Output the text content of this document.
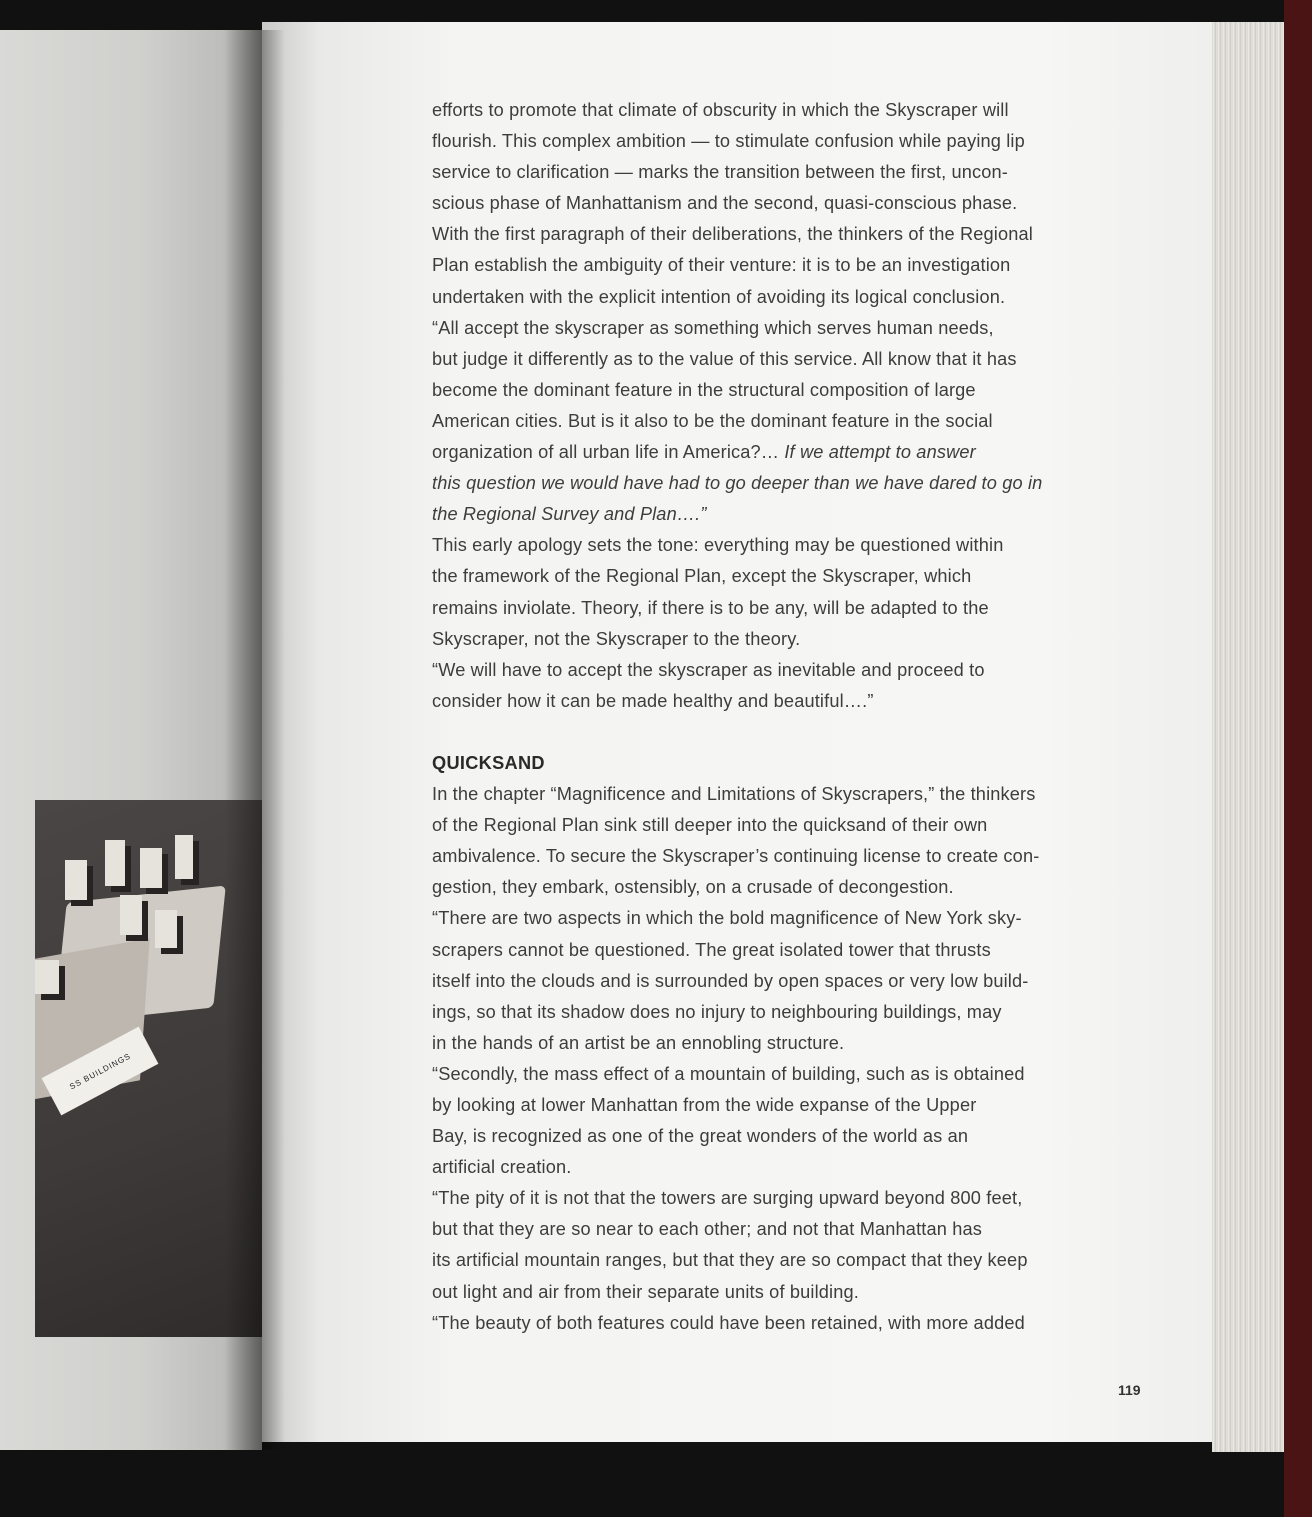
SS BUILDINGS
efforts to promote that climate of obscurity in which the Skyscraper will
flourish. This complex ambition — to stimulate confusion while paying lip
service to clarification — marks the transition between the first, uncon-
scious phase of Manhattanism and the second, quasi-conscious phase.
With the first paragraph of their deliberations, the thinkers of the Regional
Plan establish the ambiguity of their venture: it is to be an investigation
undertaken with the explicit intention of avoiding its logical conclusion.
“All accept the skyscraper as something which serves human needs,
but judge it differently as to the value of this service. All know that it has
become the dominant feature in the structural composition of large
American cities. But is it also to be the dominant feature in the social
organization of all urban life in America?… If we attempt to answer
this question we would have had to go deeper than we have dared to go in
the Regional Survey and Plan….”
This early apology sets the tone: everything may be questioned within
the framework of the Regional Plan, except the Skyscraper, which
remains inviolate. Theory, if there is to be any, will be adapted to the
Skyscraper, not the Skyscraper to the theory.
“We will have to accept the skyscraper as inevitable and proceed to
consider how it can be made healthy and beautiful….”
QUICKSAND
In the chapter “Magnificence and Limitations of Skyscrapers,” the thinkers
of the Regional Plan sink still deeper into the quicksand of their own
ambivalence. To secure the Skyscraper’s continuing license to create con-
gestion, they embark, ostensibly, on a crusade of decongestion.
“There are two aspects in which the bold magnificence of New York sky-
scrapers cannot be questioned. The great isolated tower that thrusts
itself into the clouds and is surrounded by open spaces or very low build-
ings, so that its shadow does no injury to neighbouring buildings, may
in the hands of an artist be an ennobling structure.
“Secondly, the mass effect of a mountain of building, such as is obtained
by looking at lower Manhattan from the wide expanse of the Upper
Bay, is recognized as one of the great wonders of the world as an
artificial creation.
“The pity of it is not that the towers are surging upward beyond 800 feet,
but that they are so near to each other; and not that Manhattan has
its artificial mountain ranges, but that they are so compact that they keep
out light and air from their separate units of building.
“The beauty of both features could have been retained, with more added
119
